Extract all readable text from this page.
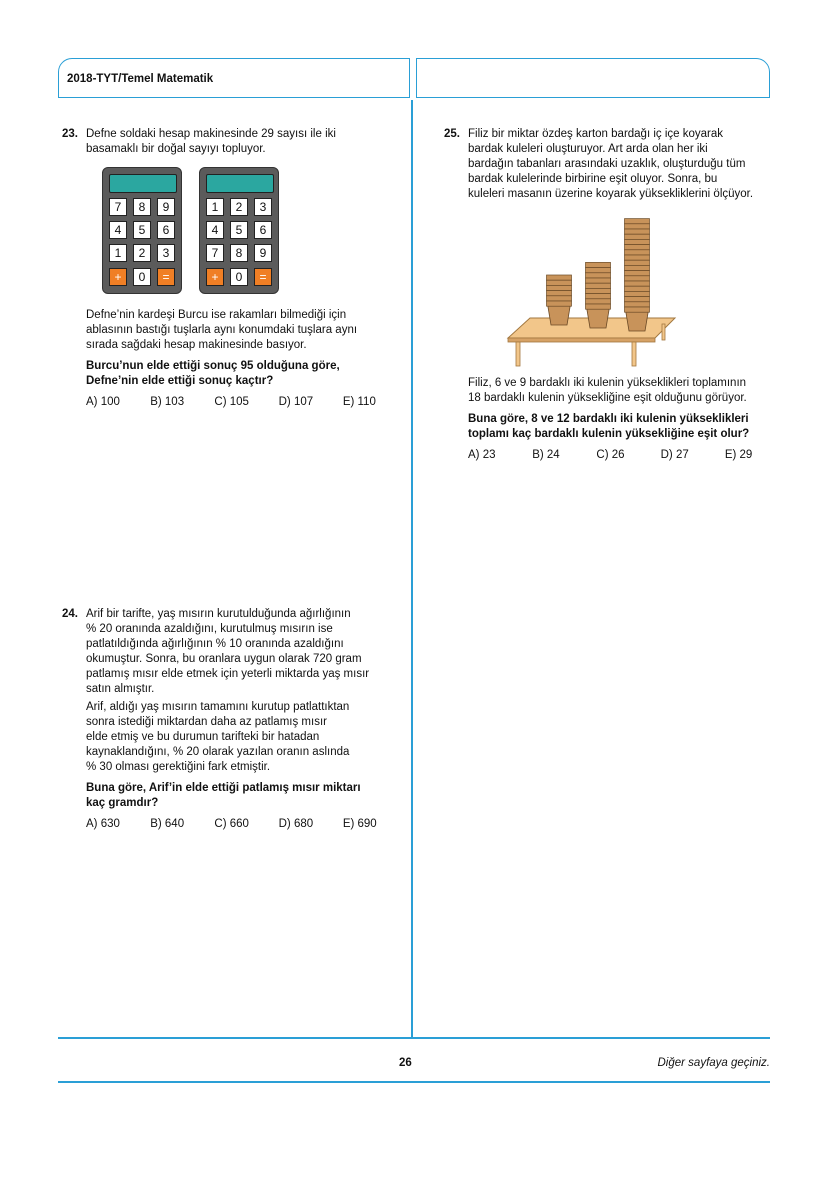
2018-TYT/Temel Matematik
23. Defne soldaki hesap makinesinde 29 sayısı ile iki

basamaklı bir doğal sayıyı topluyor.

7	8	9
4	5	6
1	2	3
+	0	=
1	2	3
4	5	6
7	8	9
+	0	=

Defne’nin kardeşi Burcu ise rakamları bilmediği için

ablasının bastığı tuşlarla aynı konumdaki tuşlara aynı

sırada sağdaki hesap makinesinde basıyor.

Burcu’nun elde ettiği sonuç 95 olduğuna göre,

Defne’nin elde ettiği sonuç kaçtır?

A) 100	B) 103	C) 105	D) 107	E) 110
24. Arif bir tarifte, yaş mısırın kurutulduğunda ağırlığının

% 20 oranında azaldığını, kurutulmuş mısırın ise

patlatıldığında ağırlığının % 10 oranında azaldığını

okumuştur. Sonra, bu oranlara uygun olarak 720 gram

patlamış mısır elde etmek için yeterli miktarda yaş mısır

satın almıştır.

Arif, aldığı yaş mısırın tamamını kurutup patlattıktan

sonra istediği miktardan daha az patlamış mısır

elde etmiş ve bu durumun tarifteki bir hatadan

kaynaklandığını, % 20 olarak yazılan oranın aslında

% 30 olması gerektiğini fark etmiştir.

Buna göre, Arif’in elde ettiği patlamış mısır miktarı

kaç gramdır?

A) 630	B) 640	C) 660	D) 680	E) 690
25. Filiz bir miktar özdeş karton bardağı iç içe koyarak

bardak kuleleri oluşturuyor. Art arda olan her iki

bardağın tabanları arasındaki uzaklık, oluşturduğu tüm

bardak kulelerinde birbirine eşit oluyor. Sonra, bu

kuleleri masanın üzerine koyarak yüksekliklerini ölçüyor.

Filiz, 6 ve 9 bardaklı iki kulenin yükseklikleri toplamının

18 bardaklı kulenin yüksekliğine eşit olduğunu görüyor.

Buna göre, 8 ve 12 bardaklı iki kulenin yükseklikleri

toplamı kaç bardaklı kulenin yüksekliğine eşit olur?

A) 23	B) 24	C) 26	D) 27	E) 29
26	Diğer sayfaya geçiniz.
